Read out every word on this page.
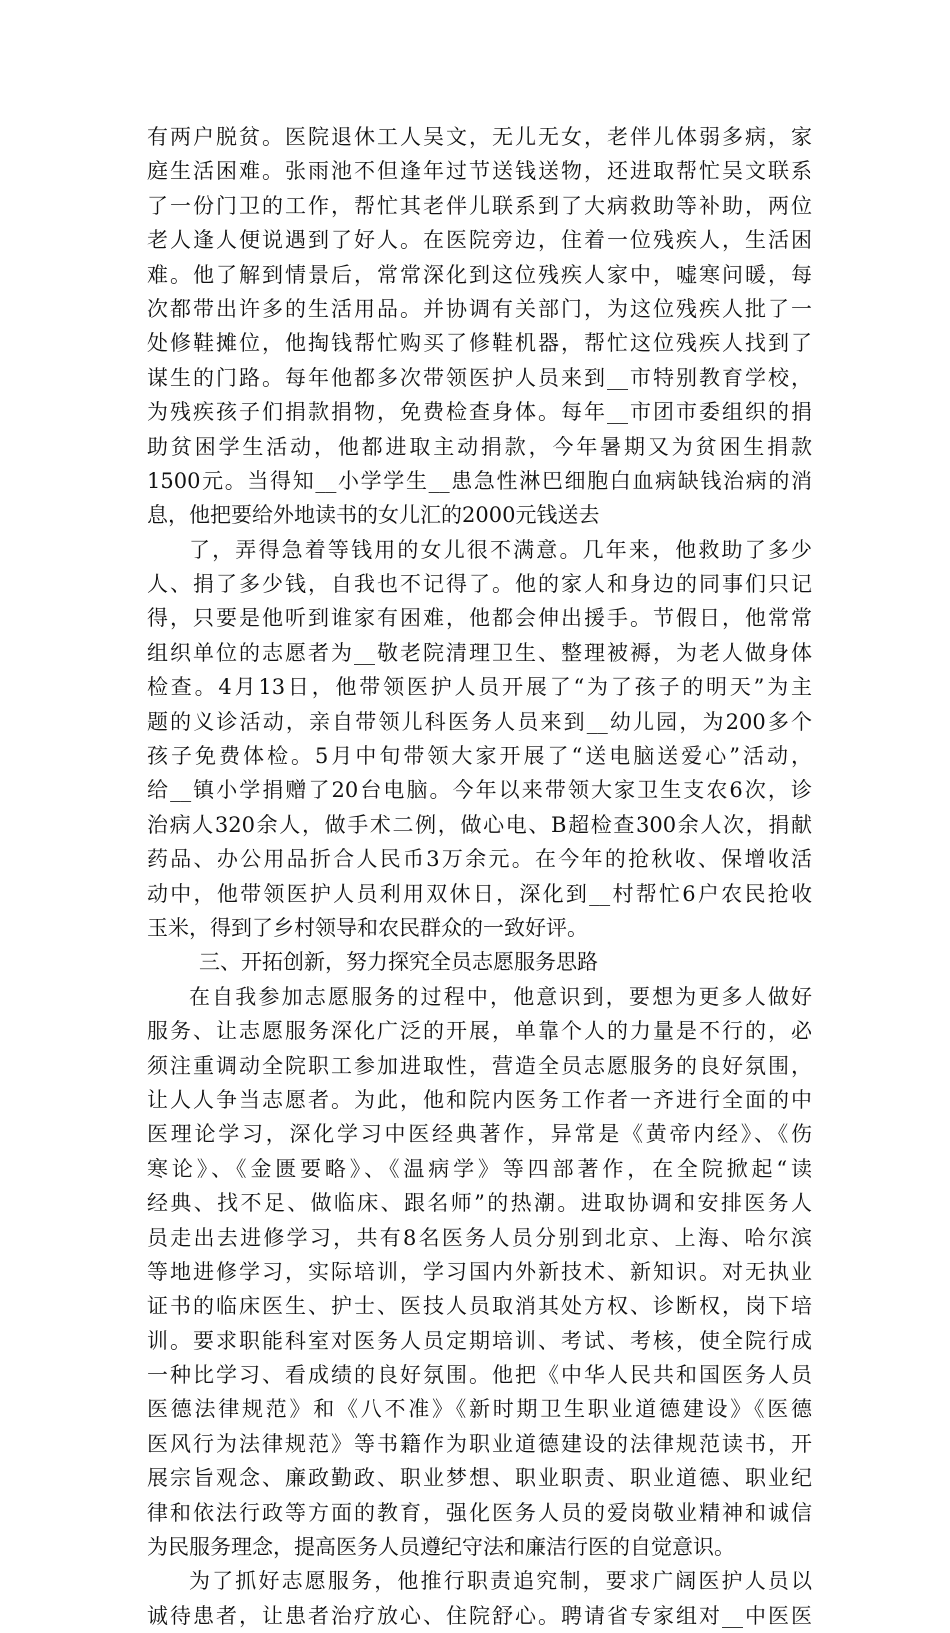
有两户脱贫。医院退休工人吴文，无儿无女，老伴儿体弱多病，家
庭生活困难。张雨池不但逢年过节送钱送物，还进取帮忙吴文联系
了一份门卫的工作，帮忙其老伴儿联系到了大病救助等补助，两位
老人逢人便说遇到了好人。在医院旁边，住着一位残疾人，生活困
难。他了解到情景后，常常深化到这位残疾人家中，嘘寒问暖，每
次都带出许多的生活用品。并协调有关部门，为这位残疾人批了一
处修鞋摊位，他掏钱帮忙购买了修鞋机器，帮忙这位残疾人找到了
谋生的门路。每年他都多次带领医护人员来到__市特别教育学校，
为残疾孩子们捐款捐物，免费检查身体。每年__市团市委组织的捐
助贫困学生活动，他都进取主动捐款，今年暑期又为贫困生捐款
1500元。当得知__小学学生__患急性淋巴细胞白血病缺钱治病的消
息，他把要给外地读书的女儿汇的2000元钱送去
了，弄得急着等钱用的女儿很不满意。几年来，他救助了多少
人、捐了多少钱，自我也不记得了。他的家人和身边的同事们只记
得，只要是他听到谁家有困难，他都会伸出援手。节假日，他常常
组织单位的志愿者为__敬老院清理卫生、整理被褥，为老人做身体
检查。4月13日，他带领医护人员开展了“为了孩子的明天”为主
题的义诊活动，亲自带领儿科医务人员来到__幼儿园，为200多个
孩子免费体检。5月中旬带领大家开展了“送电脑送爱心”活动，
给__镇小学捐赠了20台电脑。今年以来带领大家卫生支农6次，诊
治病人320余人，做手术二例，做心电、B超检查300余人次，捐献
药品、办公用品折合人民币3万余元。在今年的抢秋收、保增收活
动中，他带领医护人员利用双休日，深化到__村帮忙6户农民抢收
玉米，得到了乡村领导和农民群众的一致好评。
三、开拓创新，努力探究全员志愿服务思路
在自我参加志愿服务的过程中，他意识到，要想为更多人做好
服务、让志愿服务深化广泛的开展，单靠个人的力量是不行的，必
须注重调动全院职工参加进取性，营造全员志愿服务的良好氛围，
让人人争当志愿者。为此，他和院内医务工作者一齐进行全面的中
医理论学习，深化学习中医经典著作，异常是《黄帝内经》、《伤
寒论》、《金匮要略》、《温病学》等四部著作，在全院掀起“读
经典、找不足、做临床、跟名师”的热潮。进取协调和安排医务人
员走出去进修学习，共有8名医务人员分别到北京、上海、哈尔滨
等地进修学习，实际培训，学习国内外新技术、新知识。对无执业
证书的临床医生、护士、医技人员取消其处方权、诊断权，岗下培
训。要求职能科室对医务人员定期培训、考试、考核，使全院行成
一种比学习、看成绩的良好氛围。他把《中华人民共和国医务人员
医德法律规范》和《八不准》《新时期卫生职业道德建设》《医德
医风行为法律规范》等书籍作为职业道德建设的法律规范读书，开
展宗旨观念、廉政勤政、职业梦想、职业职责、职业道德、职业纪
律和依法行政等方面的教育，强化医务人员的爱岗敬业精神和诚信
为民服务理念，提高医务人员遵纪守法和廉洁行医的自觉意识。
为了抓好志愿服务，他推行职责追究制，要求广阔医护人员以
诚待患者，让患者治疗放心、住院舒心。聘请省专家组对__中医医
